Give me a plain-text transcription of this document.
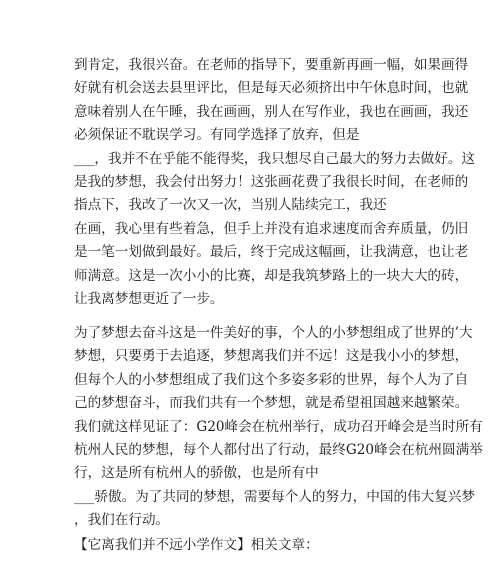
到肯定，我很兴奋。在老师的指导下，要重新再画一幅，如果画得
好就有机会送去县里评比，但是每天必须挤出中午休息时间，也就
意味着别人在午睡，我在画画，别人在写作业，我也在画画，我还
必须保证不耽误学习。有同学选择了放弃，但是
___，我并不在乎能不能得奖，我只想尽自己最大的努力去做好。这
是我的梦想，我会付出努力！这张画花费了我很长时间，在老师的
指点下，我改了一次又一次，当别人陆续完工，我还
在画，我心里有些着急，但手上并没有追求速度而舍弃质量，仍旧
是一笔一划做到最好。最后，终于完成这幅画，让我满意，也让老
师满意。这是一次小小的比赛，却是我筑梦路上的一块大大的砖，
让我离梦想更近了一步。
为了梦想去奋斗这是一件美好的事，个人的小梦想组成了世界的’大
梦想，只要勇于去追逐，梦想离我们并不远！这是我小小的梦想，
但每个人的小梦想组成了我们这个多姿多彩的世界，每个人为了自
己的梦想奋斗，而我们共有一个梦想，就是希望祖国越来越繁荣。
我们就这样见证了：G20峰会在杭州举行，成功召开峰会是当时所有
杭州人民的梦想，每个人都付出了行动，最终G20峰会在杭州圆满举
行，这是所有杭州人的骄傲，也是所有中
___骄傲。为了共同的梦想，需要每个人的努力，中国的伟大复兴梦
，我们在行动。
【它离我们并不远小学作文】相关文章：
